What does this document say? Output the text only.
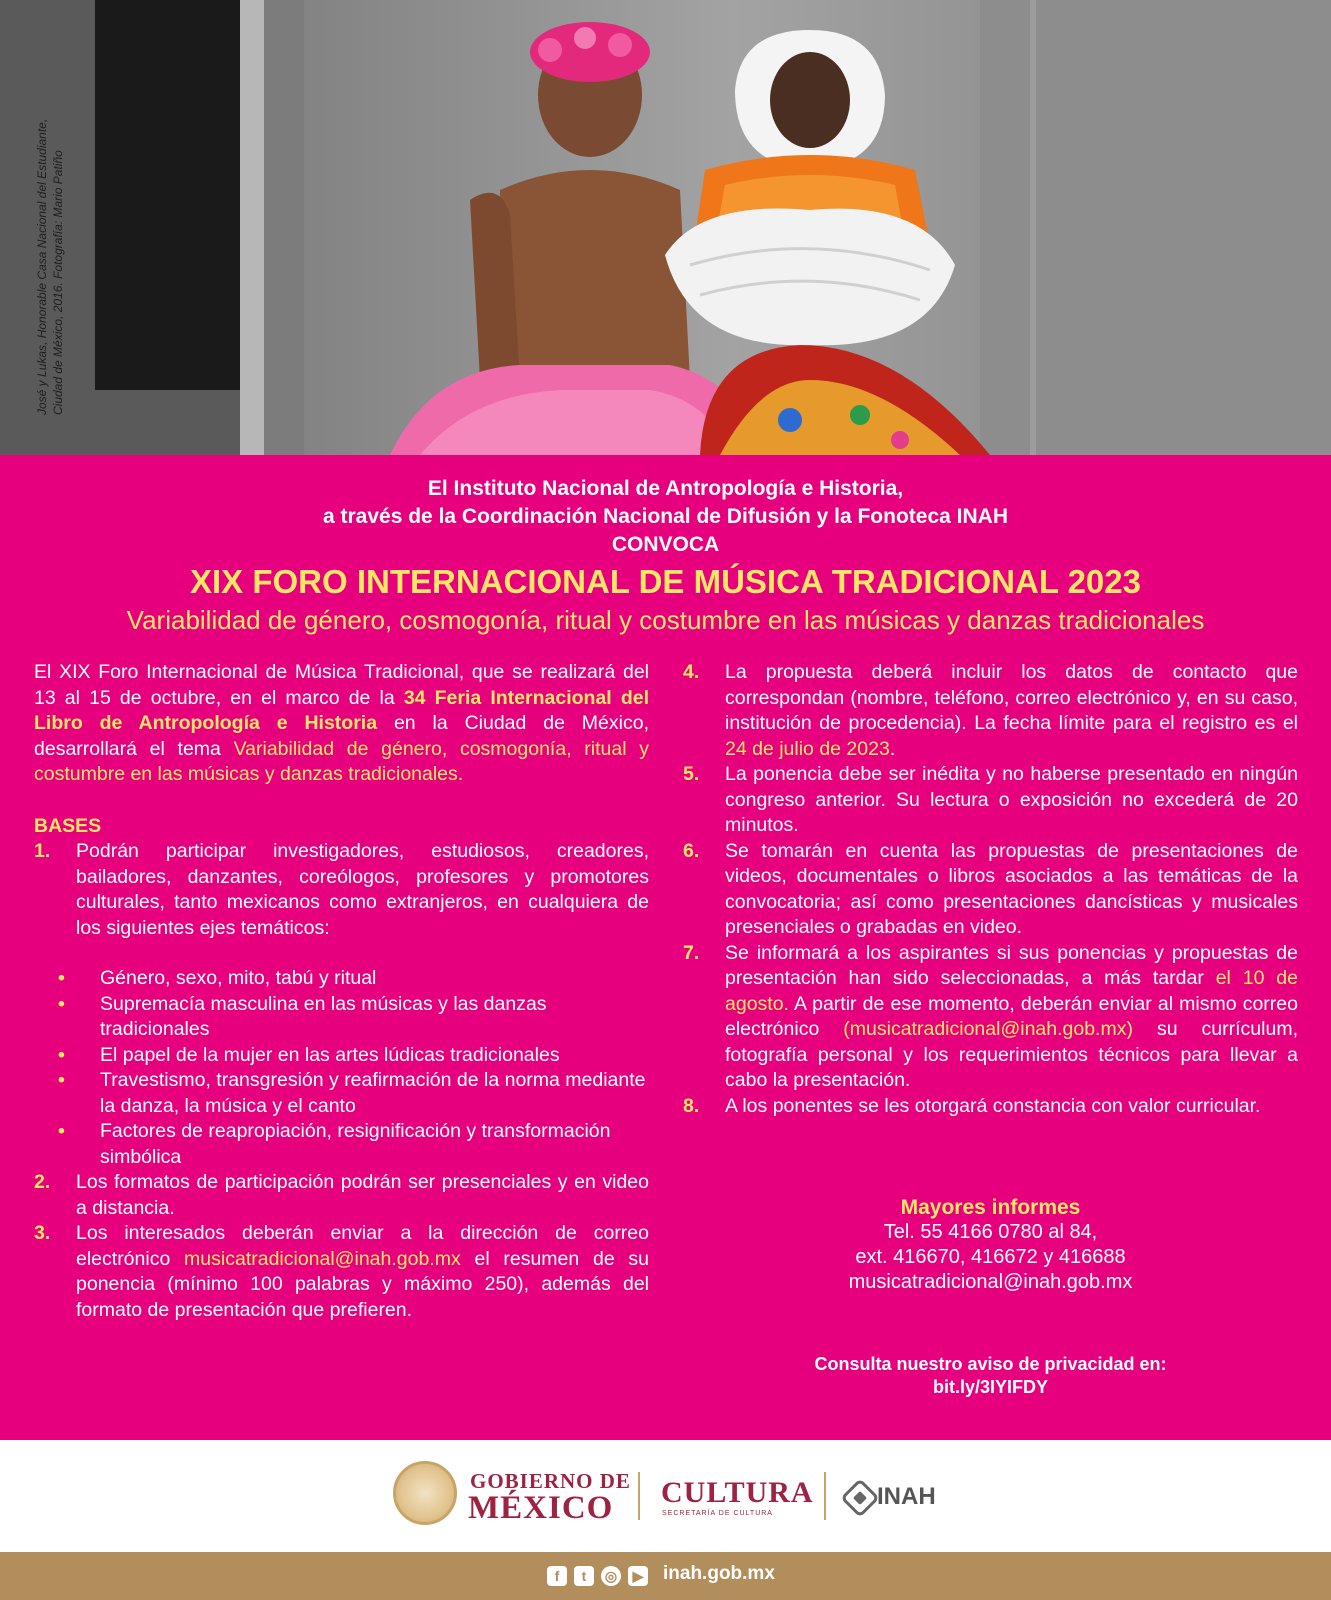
José y Lukas, Honorable Casa Nacional del Estudiante, Ciudad de México, 2016. Fotografía: Mario Patiño
El Instituto Nacional de Antropología e Historia,
a través de la Coordinación Nacional de Difusión y la Fonoteca INAH
CONVOCA
XIX FORO INTERNACIONAL DE MÚSICA TRADICIONAL 2023
Variabilidad de género, cosmogonía, ritual y costumbre en las músicas y danzas tradicionales

El XIX Foro Internacional de Música Tradicional, que se realizará del 13 al 15 de octubre, en el marco de la 34 Feria Internacional del Libro de Antropología e Historia en la Ciudad de México, desarrollará el tema Variabilidad de género, cosmogonía, ritual y costumbre en las músicas y danzas tradicionales.

BASES
1. Podrán participar investigadores, estudiosos, creadores, bailadores, danzantes, coreólogos, profesores y promotores culturales, tanto mexicanos como extranjeros, en cualquiera de los siguientes ejes temáticos:
• Género, sexo, mito, tabú y ritual
• Supremacía masculina en las músicas y las danzas tradicionales
• El papel de la mujer en las artes lúdicas tradicionales
• Travestismo, transgresión y reafirmación de la norma mediante la danza, la música y el canto
• Factores de reapropiación, resignificación y transformación simbólica
2. Los formatos de participación podrán ser presenciales y en video a distancia.
3. Los interesados deberán enviar a la dirección de correo electrónico musicatradicional@inah.gob.mx el resumen de su ponencia (mínimo 100 palabras y máximo 250), además del formato de presentación que prefieren.
4. La propuesta deberá incluir los datos de contacto que correspondan (nombre, teléfono, correo electrónico y, en su caso, institución de procedencia). La fecha límite para el registro es el 24 de julio de 2023.
5. La ponencia debe ser inédita y no haberse presentado en ningún congreso anterior. Su lectura o exposición no excederá de 20 minutos.
6. Se tomarán en cuenta las propuestas de presentaciones de videos, documentales o libros asociados a las temáticas de la convocatoria; así como presentaciones dancísticas y musicales presenciales o grabadas en video.
7. Se informará a los aspirantes si sus ponencias y propuestas de presentación han sido seleccionadas, a más tardar el 10 de agosto. A partir de ese momento, deberán enviar al mismo correo electrónico (musicatradicional@inah.gob.mx) su currículum, fotografía personal y los requerimientos técnicos para llevar a cabo la presentación.
8. A los ponentes se les otorgará constancia con valor curricular.
Mayores informes
Tel. 55 4166 0780 al 84,
ext. 416670, 416672 y 416688
musicatradicional@inah.gob.mx
Consulta nuestro aviso de privacidad en:
bit.ly/3IYIFDY
GOBIERNO DE
MÉXICO CULTURA
SECRETARÍA DE CULTURA
INAH
f	t	◎	▶ inah.gob.mx
